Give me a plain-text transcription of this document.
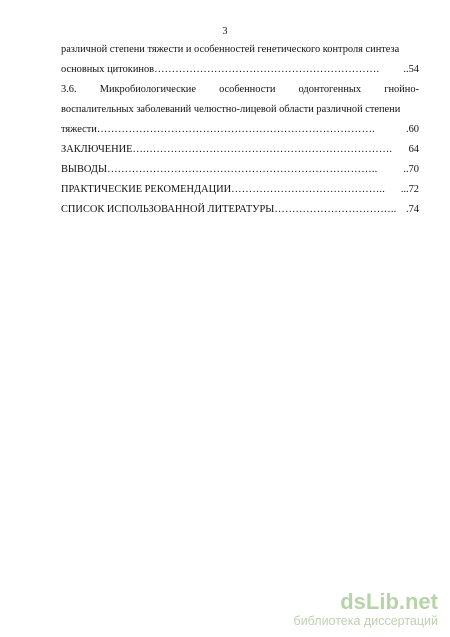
3
различной степени тяжести и особенностей генетического контроля синтеза
основных цитокинов ……………………………………………………….	..54
3.6. Микробиологические особенности одонтогенных гнойно-
воспалительных заболеваний челюстно-лицевой области различной степени
тяжести …………………………………………………………………….	.60
ЗАКЛЮЧЕНИЕ ….…………………………………………………………….	64
ВЫВОДЫ …………………………………………………………………..	..70
ПРАКТИЧЕСКИЕ РЕКОМЕНДАЦИИ ……………………………………..	...72
СПИСОК ИСПОЛЬЗОВАННОЙ ЛИТЕРАТУРЫ …………………………….. .74
dsLib.net
библиотека диссертаций
